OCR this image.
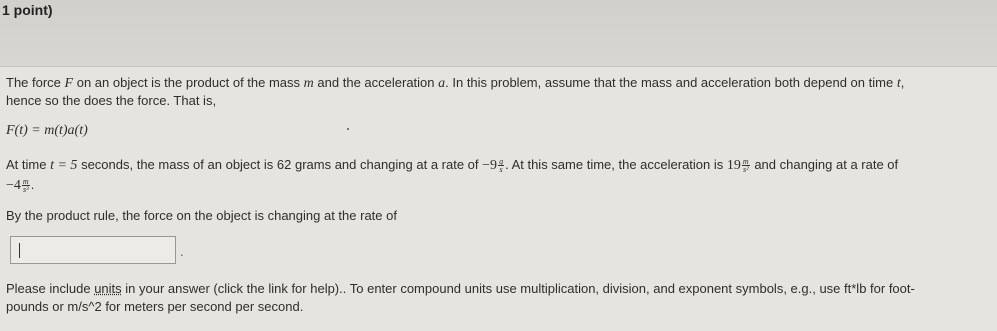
1 point)
The force F on an object is the product of the mass m and the acceleration a. In this problem, assume that the mass and acceleration both depend on time t,
hence so the does the force. That is,
F(t) = m(t)a(t)
At time t = 5 seconds, the mass of an object is 62 grams and changing at a rate of $-9 \frac{g}{s}$ . At this same time, the acceleration is $19 \frac{m}{\text{s²}}$ and changing at a rate of
$-4 \frac{m}{\text{s³}}$ .
By the product rule, the force on the object is changing at the rate of
.
Please include units in your answer (click the link for help).. To enter compound units use multiplication, division, and exponent symbols, e.g., use ft*lb for foot-
pounds or m/s^2 for meters per second per second.
